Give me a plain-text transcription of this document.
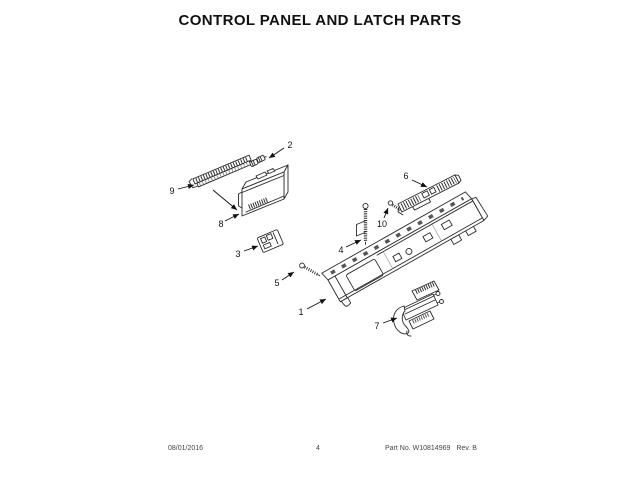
CONTROL PANEL AND LATCH PARTS
1
2
3	4
5
6
7
8
9
10
08/01/2016	4	Part No. W10814969 Rev. B
